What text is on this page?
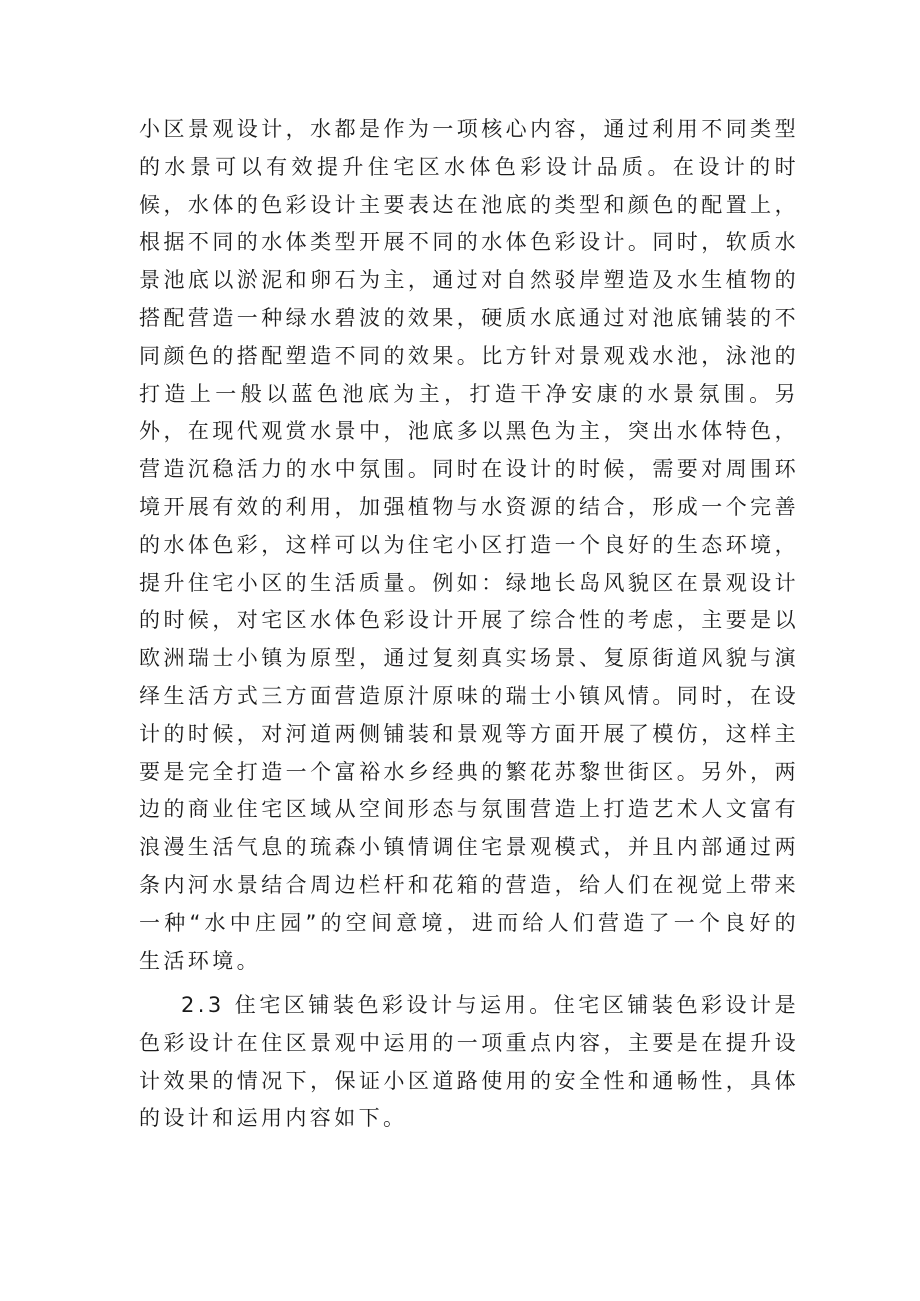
小区景观设计，水都是作为一项核心内容，通过利用不同类型的水景可以有效提升住宅区水体色彩设计品质。在设计的时候，水体的色彩设计主要表达在池底的类型和颜色的配置上，根据不同的水体类型开展不同的水体色彩设计。同时，软质水景池底以淤泥和卵石为主，通过对自然驳岸塑造及水生植物的搭配营造一种绿水碧波的效果，硬质水底通过对池底铺装的不同颜色的搭配塑造不同的效果。比方针对景观戏水池，泳池的打造上一般以蓝色池底为主，打造干净安康的水景氛围。另外，在现代观赏水景中，池底多以黑色为主，突出水体特色，营造沉稳活力的水中氛围。同时在设计的时候，需要对周围环境开展有效的利用，加强植物与水资源的结合，形成一个完善的水体色彩，这样可以为住宅小区打造一个良好的生态环境，提升住宅小区的生活质量。例如：绿地长岛风貌区在景观设计的时候，对宅区水体色彩设计开展了综合性的考虑，主要是以欧洲瑞士小镇为原型，通过复刻真实场景、复原街道风貌与演绎生活方式三方面营造原汁原味的瑞士小镇风情。同时，在设计的时候，对河道两侧铺装和景观等方面开展了模仿，这样主要是完全打造一个富裕水乡经典的繁花苏黎世街区。另外，两边的商业住宅区域从空间形态与氛围营造上打造艺术人文富有浪漫生活气息的琉森小镇情调住宅景观模式，并且内部通过两条内河水景结合周边栏杆和花箱的营造，给人们在视觉上带来一种“水中庄园”的空间意境，进而给人们营造了一个良好的生活环境。

2.3 住宅区铺装色彩设计与运用。住宅区铺装色彩设计是色彩设计在住区景观中运用的一项重点内容，主要是在提升设计效果的情况下，保证小区道路使用的安全性和通畅性，具体的设计和运用内容如下。
